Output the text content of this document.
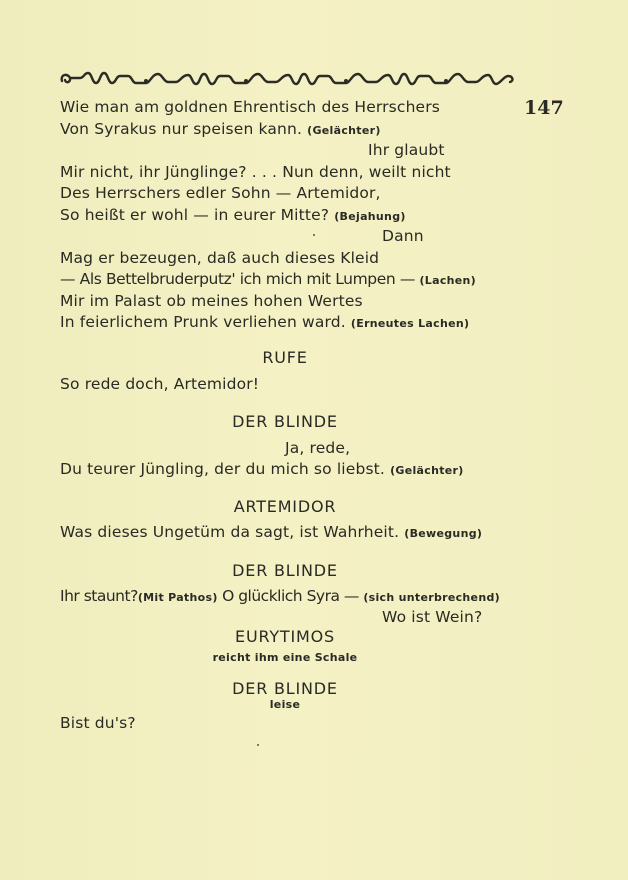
147
Wie man am goldnen Ehrentisch des Herrschers
Von Syrakus nur speisen kann. (Gelächter)
Ihr glaubt
Mir nicht, ihr Jünglinge? . . . Nun denn, weilt nicht
Des Herrschers edler Sohn — Artemidor,
So heißt er wohl — in eurer Mitte? (Bejahung)
Dann
Mag er bezeugen, daß auch dieses Kleid
— Als Bettelbruderputz' ich mich mit Lumpen — (Lachen)
Mir im Palast ob meines hohen Wertes
In feierlichem Prunk verliehen ward. (Erneutes Lachen)
RUFE
So rede doch, Artemidor!
DER BLINDE
Ja, rede,
Du teurer Jüngling, der du mich so liebst. (Gelächter)
ARTEMIDOR
Was dieses Ungetüm da sagt, ist Wahrheit. (Bewegung)
DER BLINDE
Ihr staunt?(Mit Pathos) O glücklich Syra — (sich unterbrechend)
Wo ist Wein?
EURYTIMOS
reicht ihm eine Schale
DER BLINDE
leise
Bist du's?
